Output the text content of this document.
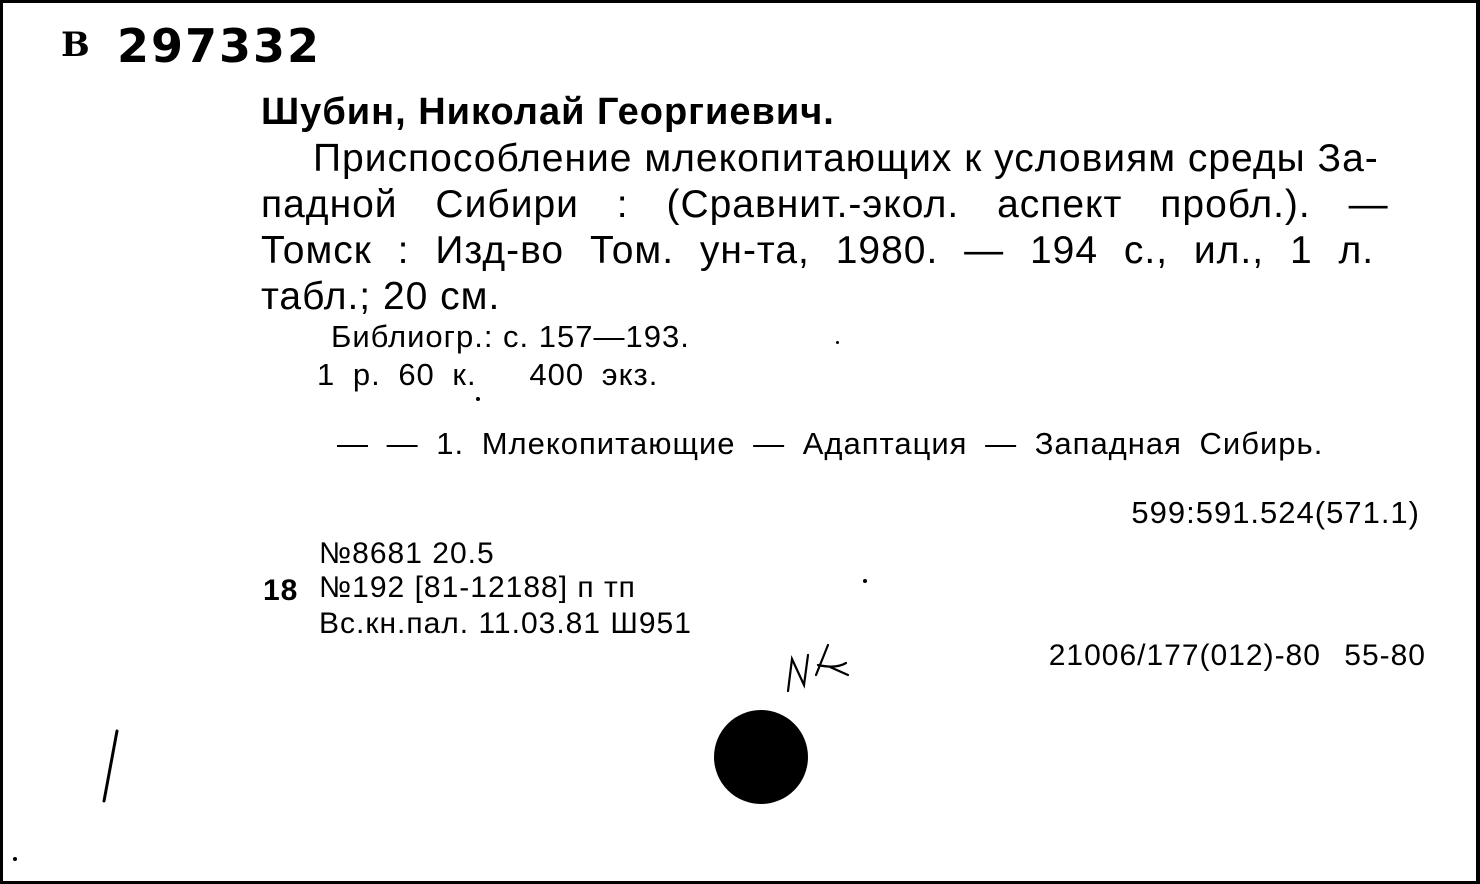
В 297332
Шубин, Николай Георгиевич.
Приспособление млекопитающих к условиям среды За-
падной Сибири : (Сравнит.-экол. аспект пробл.). —
Томск : Изд-во Том. ун-та, 1980. — 194 с., ил., 1 л.
табл.; 20 см.
Библиогр.: с. 157—193.
1 р. 60 к.   400 экз.
— — 1. Млекопитающие — Адаптация — Западная Сибирь.
599:591.524(571.1)
№8681 20.5
18 №192 [81-12188] п тп
Вс.кн.пал. 11.03.81 Ш951
21006/177(012)-80 55-80
